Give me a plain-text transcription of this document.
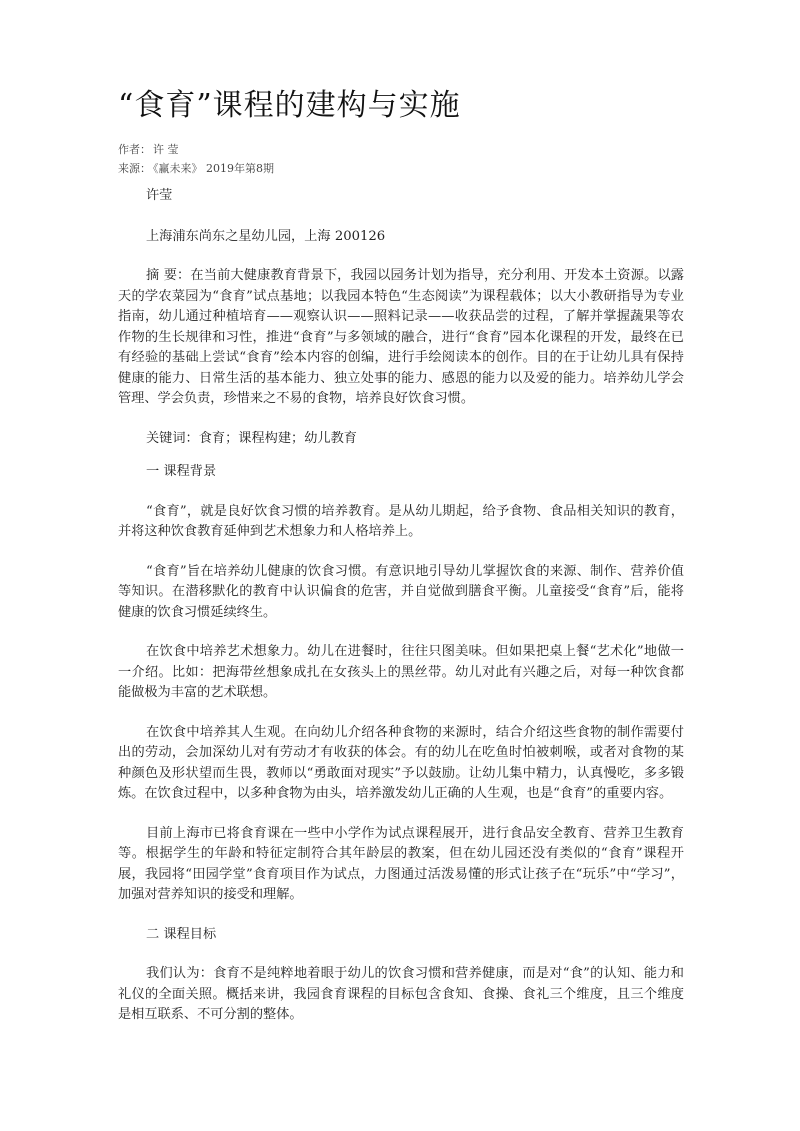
“食育”课程的建构与实施
作者： 许 莹
来源： 《赢未来》 2019年第8期

许莹

上海浦东尚东之星幼儿园，上海 200126

摘 要：在当前大健康教育背景下，我园以园务计划为指导，充分利用、开发本土资源。以露天的学农菜园为“食育”试点基地；以我园本特色“生态阅读”为课程载体；以大小教研指导为专业指南，幼儿通过种植培育——观察认识——照料记录——收获品尝的过程，了解并掌握蔬果等农作物的生长规律和习性，推进“食育”与多领域的融合，进行“食育”园本化课程的开发，最终在已有经验的基础上尝试“食育”绘本内容的创编，进行手绘阅读本的创作。目的在于让幼儿具有保持健康的能力、日常生活的基本能力、独立处事的能力、感恩的能力以及爱的能力。培养幼儿学会管理、学会负责，珍惜来之不易的食物，培养良好饮食习惯。

关键词：食育；课程构建；幼儿教育

一 课程背景

“食育”，就是良好饮食习惯的培养教育。是从幼儿期起，给予食物、食品相关知识的教育，并将这种饮食教育延伸到艺术想象力和人格培养上。

“食育”旨在培养幼儿健康的饮食习惯。有意识地引导幼儿掌握饮食的来源、制作、营养价值等知识。在潜移默化的教育中认识偏食的危害，并自觉做到膳食平衡。儿童接受“食育”后，能将健康的饮食习惯延续终生。

在饮食中培养艺术想象力。幼儿在进餐时，往往只图美味。但如果把桌上餐“艺术化”地做一一介绍。比如：把海带丝想象成扎在女孩头上的黑丝带。幼儿对此有兴趣之后，对每一种饮食都能做极为丰富的艺术联想。

在饮食中培养其人生观。在向幼儿介绍各种食物的来源时，结合介绍这些食物的制作需要付出的劳动，会加深幼儿对有劳动才有收获的体会。有的幼儿在吃鱼时怕被刺喉，或者对食物的某种颜色及形状望而生畏，教师以“勇敢面对现实”予以鼓励。让幼儿集中精力，认真慢吃，多多锻炼。在饮食过程中，以多种食物为由头，培养激发幼儿正确的人生观，也是“食育”的重要内容。

目前上海市已将食育课在一些中小学作为试点课程展开，进行食品安全教育、营养卫生教育等。根据学生的年龄和特征定制符合其年龄层的教案，但在幼儿园还没有类似的“食育”课程开展，我园将“田园学堂”食育项目作为试点，力图通过活泼易懂的形式让孩子在“玩乐”中“学习”，加强对营养知识的接受和理解。

二 课程目标

我们认为：食育不是纯粹地着眼于幼儿的饮食习惯和营养健康，而是对“食”的认知、能力和礼仪的全面关照。概括来讲，我园食育课程的目标包含食知、食操、食礼三个维度，且三个维度是相互联系、不可分割的整体。
